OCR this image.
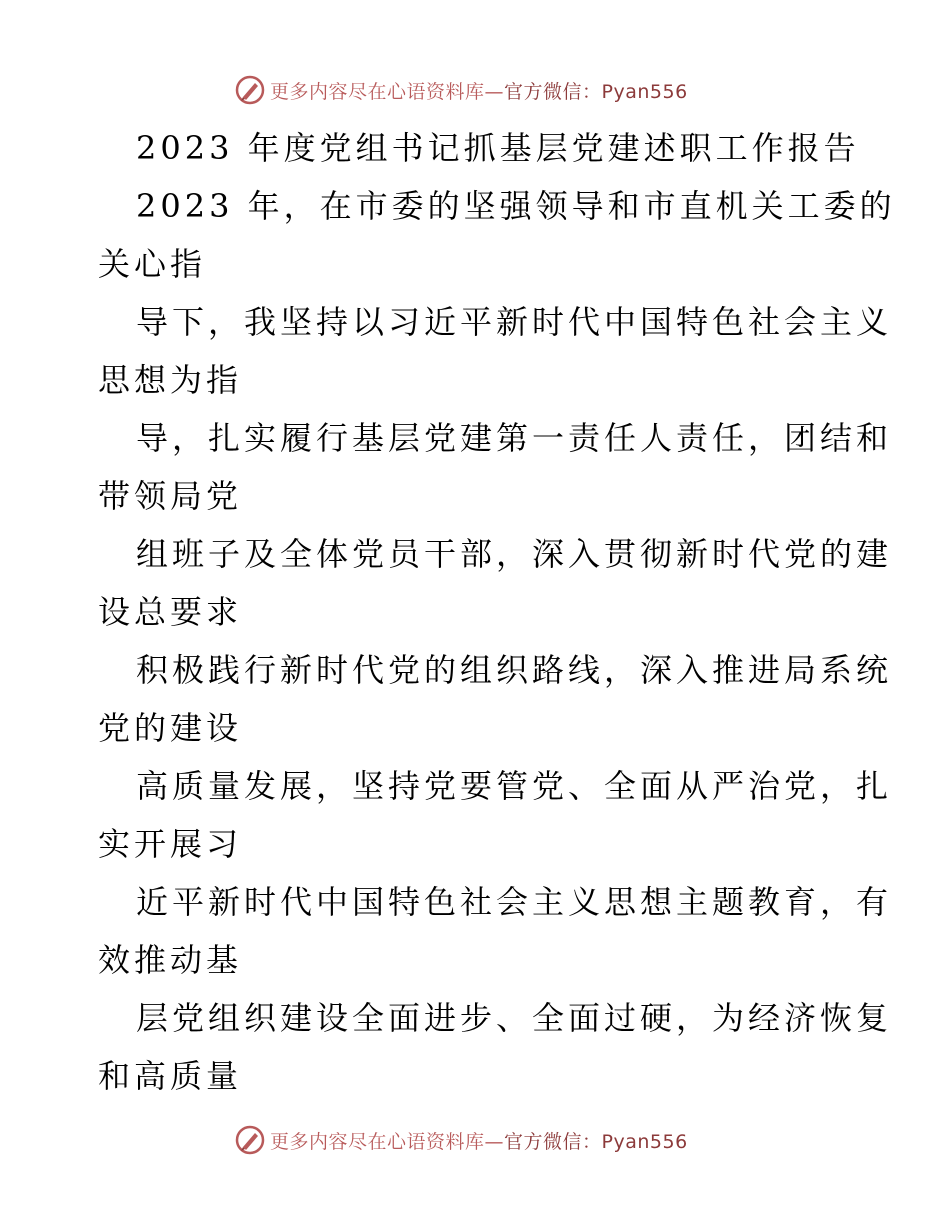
更多内容尽在心语资料库—官方微信：Pyan556
2023 年度党组书记抓基层党建述职工作报告
2023 年，在市委的坚强领导和市直机关工委的
关心指
导下，我坚持以习近平新时代中国特色社会主义
思想为指
导，扎实履行基层党建第一责任人责任，团结和
带领局党
组班子及全体党员干部，深入贯彻新时代党的建
设总要求
积极践行新时代党的组织路线，深入推进局系统
党的建设
高质量发展，坚持党要管党、全面从严治党，扎
实开展习
近平新时代中国特色社会主义思想主题教育，有
效推动基
层党组织建设全面进步、全面过硬，为经济恢复
和高质量
更多内容尽在心语资料库—官方微信：Pyan556
